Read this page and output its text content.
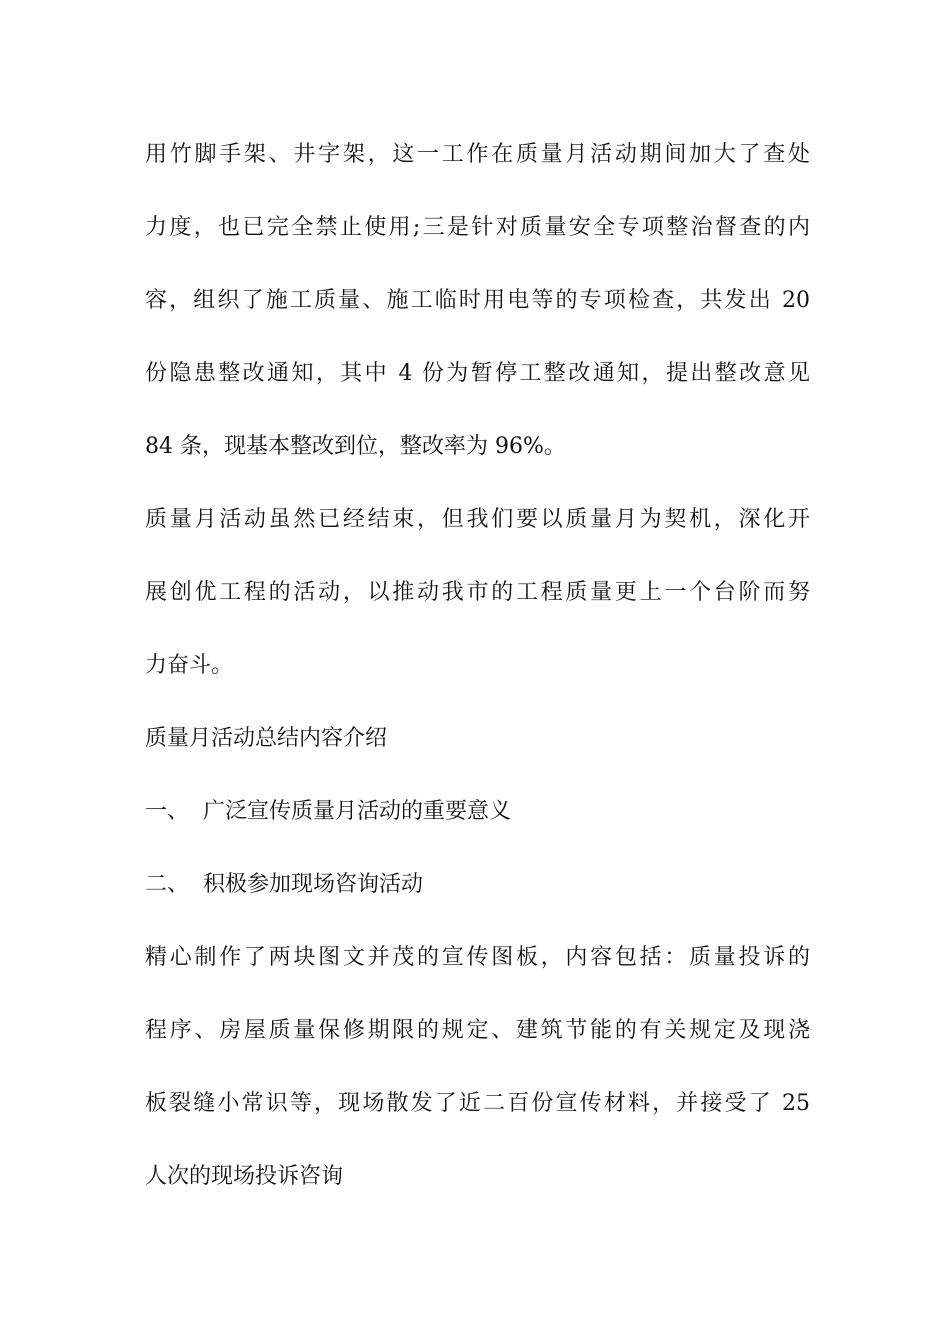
用竹脚手架、井字架，这一工作在质量月活动期间加大了查处
力度，也已完全禁止使用;三是针对质量安全专项整治督查的内
容，组织了施工质量、施工临时用电等的专项检查，共发出 20
份隐患整改通知，其中 4 份为暂停工整改通知，提出整改意见
84 条，现基本整改到位，整改率为 96%。
质量月活动虽然已经结束，但我们要以质量月为契机，深化开
展创优工程的活动，以推动我市的工程质量更上一个台阶而努
力奋斗。
质量月活动总结内容介绍
一、 广泛宣传质量月活动的重要意义
二、 积极参加现场咨询活动
精心制作了两块图文并茂的宣传图板，内容包括：质量投诉的
程序、房屋质量保修期限的规定、建筑节能的有关规定及现浇
板裂缝小常识等，现场散发了近二百份宣传材料，并接受了 25
人次的现场投诉咨询
